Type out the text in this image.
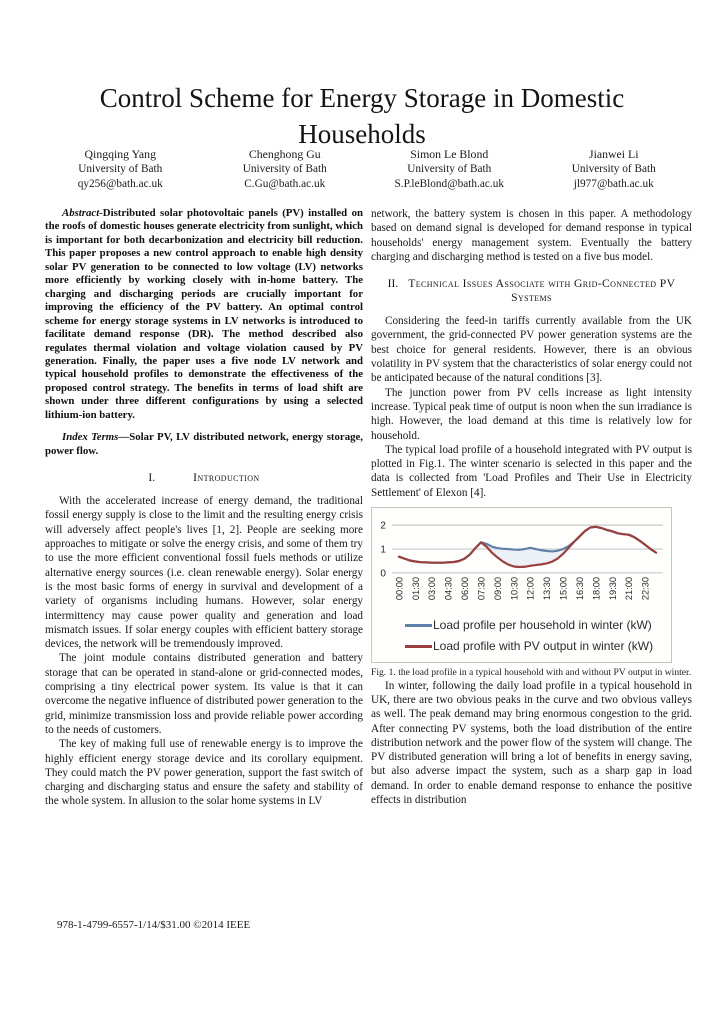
Control Scheme for Energy Storage in Domestic Households
Qingqing Yang
University of Bath
qy256@bath.ac.uk
Chenghong Gu
University of Bath
C.Gu@bath.ac.uk
Simon Le Blond
University of Bath
S.P.leBlond@bath.ac.uk
Jianwei Li
University of Bath
jl977@bath.ac.uk

Abstract-Distributed solar photovoltaic panels (PV) installed on the roofs of domestic houses generate electricity from sunlight, which is important for both decarbonization and electricity bill reduction. This paper proposes a new control approach to enable high density solar PV generation to be connected to low voltage (LV) networks more efficiently by working closely with in-home battery. The charging and discharging periods are crucially important for improving the efficiency of the PV battery. An optimal control scheme for energy storage systems in LV networks is introduced to facilitate demand response (DR). The method described also regulates thermal violation and voltage violation caused by PV generation. Finally, the paper uses a five node LV network and typical household profiles to demonstrate the effectiveness of the proposed control strategy. The benefits in terms of load shift are shown under three different configurations by using a selected lithium-ion battery.

Index Terms—Solar PV, LV distributed network, energy storage, power flow.

I.	Introduction

With the accelerated increase of energy demand, the traditional fossil energy supply is close to the limit and the resulting energy crisis will adversely affect people's lives [1, 2]. People are seeking more approaches to mitigate or solve the energy crisis, and some of them try to use the more efficient conventional fossil fuels methods or utilize alternative energy sources (i.e. clean renewable energy). Solar energy is the most basic forms of energy in survival and development of a variety of organisms including humans. However, solar energy intermittency may cause power quality and generation and load mismatch issues. If solar energy couples with efficient battery storage devices, the network will be tremendously improved.

The joint module contains distributed generation and battery storage that can be operated in stand-alone or grid-connected modes, comprising a tiny electrical power system. Its value is that it can overcome the negative influence of distributed power generation to the grid, minimize transmission loss and provide reliable power according to the needs of customers.

The key of making full use of renewable energy is to improve the highly efficient energy storage device and its corollary equipment. They could match the PV power generation, support the fast switch of charging and discharging status and ensure the safety and stability of the whole system. In allusion to the solar home systems in LV

network, the battery system is chosen in this paper. A methodology based on demand signal is developed for demand response in typical households' energy management system. Eventually the battery charging and discharging method is tested on a five bus model.

II. Technical Issues Associate with Grid-Connected PV Systems

Considering the feed-in tariffs currently available from the UK government, the grid-connected PV power generation systems are the best choice for general residents. However, there is an obvious volatility in PV system that the characteristics of solar energy could not be anticipated because of the natural conditions [3].

The junction power from PV cells increase as light intensity increase. Typical peak time of output is noon when the sun irradiance is high. However, the load demand at this time is relatively low for household.

The typical load profile of a household integrated with PV output is plotted in Fig.1. The winter scenario is selected in this paper and the data is collected from 'Load Profiles and Their Use in Electricity Settlement' of Elexon [4].

0
1
2
00:00 01:30 03:00 04:30 06:00 07:30 09:00 10:30 12:00 13:30 15:00 16:30 18:00 19:30 21:00 22:30
Load profile per household in winter (kW)
Load profile with PV output in winter (kW)

Fig. 1. the load profile in a typical household with and without PV output in winter.

In winter, following the daily load profile in a typical household in UK, there are two obvious peaks in the curve and two obvious valleys as well. The peak demand may bring enormous congestion to the grid. After connecting PV systems, both the load distribution of the entire distribution network and the power flow of the system will change. The PV distributed generation will bring a lot of benefits in energy saving, but also adverse impact the system, such as a sharp gap in load demand. In order to enable demand response to enhance the positive effects in distribution

978-1-4799-6557-1/14/$31.00 ©2014 IEEE
